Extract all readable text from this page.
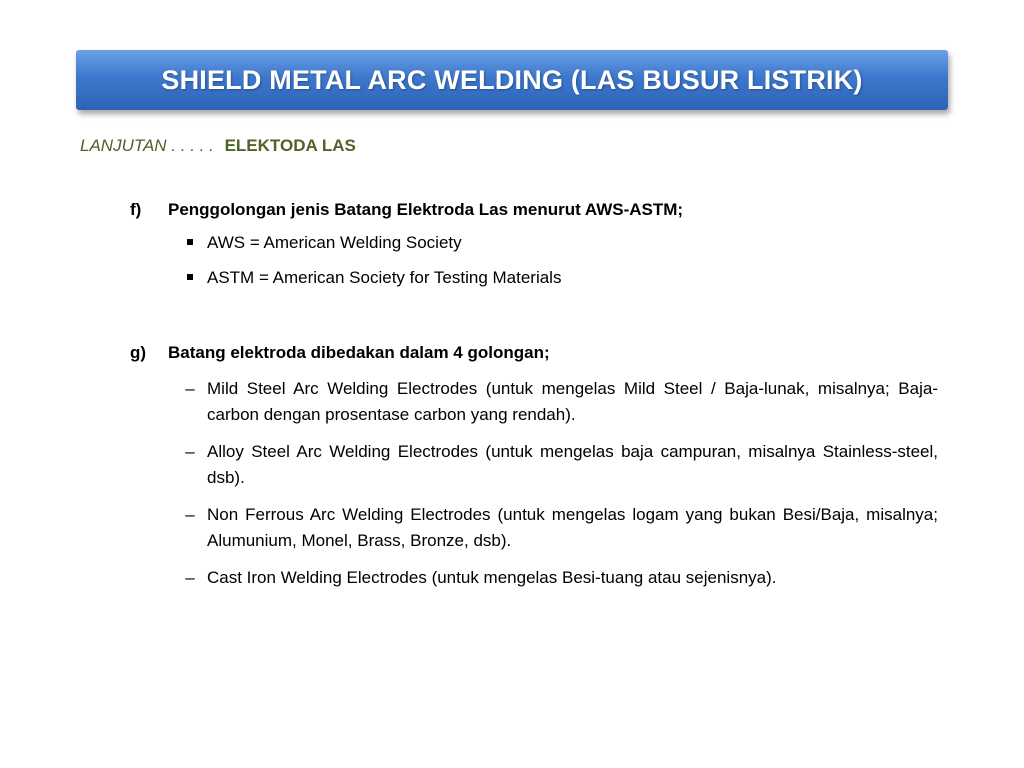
SHIELD METAL ARC WELDING (LAS BUSUR LISTRIK)
LANJUTAN . . . . . ELEKTODA LAS
f)	Penggolongan jenis Batang Elektroda Las menurut AWS-ASTM;
AWS = American Welding Society
ASTM = American Society for Testing Materials
g)	Batang elektroda dibedakan dalam 4 golongan;
– Mild Steel Arc Welding Electrodes (untuk mengelas Mild Steel / Baja-lunak, misalnya; Baja-carbon dengan prosentase carbon yang rendah).
– Alloy Steel Arc Welding Electrodes (untuk mengelas baja campuran, misalnya Stainless-steel, dsb).
– Non Ferrous Arc Welding Electrodes (untuk mengelas logam yang bukan Besi/Baja, misalnya; Alumunium, Monel, Brass, Bronze, dsb).
– Cast Iron Welding Electrodes (untuk mengelas Besi-tuang atau sejenisnya).
